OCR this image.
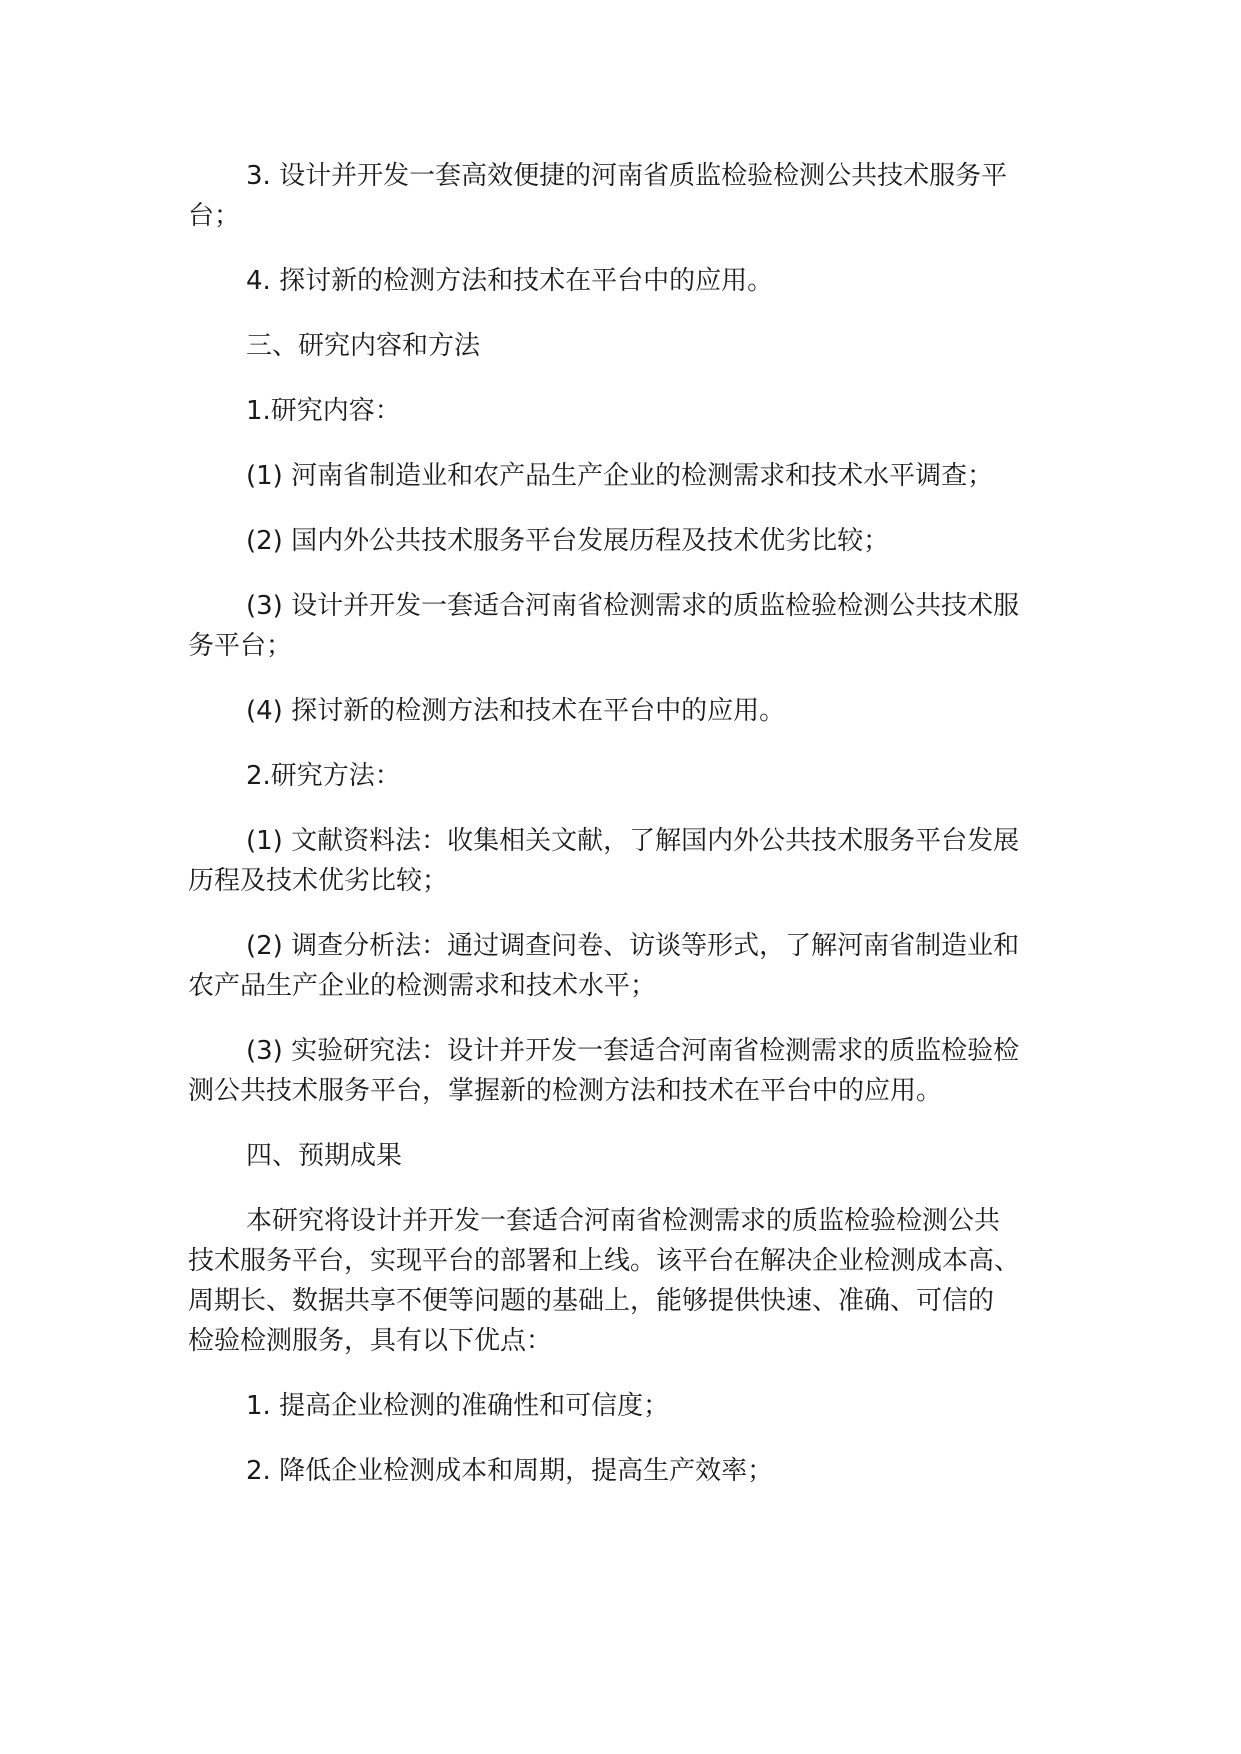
3. 设计并开发一套高效便捷的河南省质监检验检测公共技术服务平
台；

4. 探讨新的检测方法和技术在平台中的应用。

三、研究内容和方法

1.研究内容：

(1) 河南省制造业和农产品生产企业的检测需求和技术水平调查；

(2) 国内外公共技术服务平台发展历程及技术优劣比较；

(3) 设计并开发一套适合河南省检测需求的质监检验检测公共技术服
务平台；

(4) 探讨新的检测方法和技术在平台中的应用。

2.研究方法：

(1) 文献资料法：收集相关文献，了解国内外公共技术服务平台发展
历程及技术优劣比较；

(2) 调查分析法：通过调查问卷、访谈等形式，了解河南省制造业和
农产品生产企业的检测需求和技术水平；

(3) 实验研究法：设计并开发一套适合河南省检测需求的质监检验检
测公共技术服务平台，掌握新的检测方法和技术在平台中的应用。

四、预期成果

本研究将设计并开发一套适合河南省检测需求的质监检验检测公共
技术服务平台，实现平台的部署和上线。该平台在解决企业检测成本高、
周期长、数据共享不便等问题的基础上，能够提供快速、准确、可信的
检验检测服务，具有以下优点：

1. 提高企业检测的准确性和可信度；

2. 降低企业检测成本和周期，提高生产效率；
